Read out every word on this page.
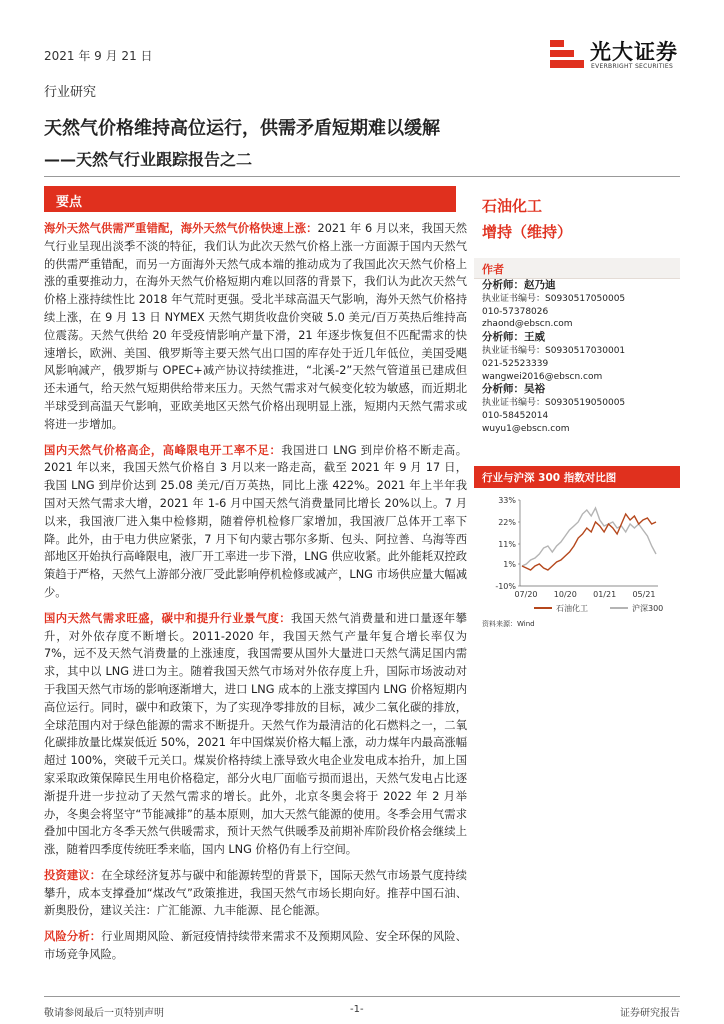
2021 年 9 月 21 日	光大证券
EVERBRIGHT SECURITIES
行业研究
天然气价格维持高位运行，供需矛盾短期难以缓解
——天然气行业跟踪报告之二
要点

海外天然气供需严重错配，海外天然气价格快速上涨：2021 年 6 月以来，我国天然气行业呈现出淡季不淡的特征，我们认为此次天然气价格上涨一方面源于国内天然气的供需严重错配，而另一方面海外天然气成本端的推动成为了我国此次天然气价格上涨的重要推动力，在海外天然气价格短期内难以回落的背景下，我们认为此次天然气价格上涨持续性比 2018 年气荒时更强。受北半球高温天气影响，海外天然气价格持续上涨，在 9 月 13 日 NYMEX 天然气期货收盘价突破 5.0 美元/百万英热后维持高位震荡。天然气供给 20 年受疫情影响产量下滑，21 年逐步恢复但不匹配需求的快速增长，欧洲、美国、俄罗斯等主要天然气出口国的库存处于近几年低位，美国受飓风影响减产，俄罗斯与 OPEC+减产协议持续推进，“北溪-2”天然气管道虽已建成但还未通气，给天然气短期供给带来压力。天然气需求对气候变化较为敏感，而近期北半球受到高温天气影响，亚欧美地区天然气价格出现明显上涨，短期内天然气需求或将进一步增加。

国内天然气价格高企，高峰限电开工率不足：我国进口 LNG 到岸价格不断走高。2021 年以来，我国天然气价格自 3 月以来一路走高，截至 2021 年 9 月 17 日，我国 LNG 到岸价达到 25.08 美元/百万英热，同比上涨 422%。2021 年上半年我国对天然气需求大增，2021 年 1-6 月中国天然气消费量同比增长 20%以上。7 月以来，我国液厂进入集中检修期，随着停机检修厂家增加，我国液厂总体开工率下降。此外，由于电力供应紧张，7 月下旬内蒙古鄂尔多斯、包头、阿拉善、乌海等西部地区开始执行高峰限电，液厂开工率进一步下滑，LNG 供应收紧。此外能耗双控政策趋于严格，天然气上游部分液厂受此影响停机检修或减产，LNG 市场供应量大幅减少。

国内天然气需求旺盛，碳中和提升行业景气度：我国天然气消费量和进口量逐年攀升，对外依存度不断增长。2011-2020 年，我国天然气产量年复合增长率仅为 7%，远不及天然气消费量的上涨速度，我国需要从国外大量进口天然气满足国内需求，其中以 LNG 进口为主。随着我国天然气市场对外依存度上升，国际市场波动对于我国天然气市场的影响逐渐增大，进口 LNG 成本的上涨支撑国内 LNG 价格短期内高位运行。同时，碳中和政策下，为了实现净零排放的目标，减少二氧化碳的排放，全球范围内对于绿色能源的需求不断提升。天然气作为最清洁的化石燃料之一，二氧化碳排放量比煤炭低近 50%，2021 年中国煤炭价格大幅上涨，动力煤年内最高涨幅超过 100%，突破千元关口。煤炭价格持续上涨导致火电企业发电成本抬升，加上国家采取政策保障民生用电价格稳定，部分火电厂面临亏损而退出，天然气发电占比逐渐提升进一步拉动了天然气需求的增长。此外，北京冬奥会将于 2022 年 2 月举办，冬奥会将坚守“节能减排”的基本原则，加大天然气能源的使用。冬季会用气需求叠加中国北方冬季天然气供暖需求，预计天然气供暖季及前期补库阶段价格会继续上涨，随着四季度传统旺季来临，国内 LNG 价格仍有上行空间。

投资建议：在全球经济复苏与碳中和能源转型的背景下，国际天然气市场景气度持续攀升，成本支撑叠加“煤改气”政策推进，我国天然气市场长期向好。推荐中国石油、新奥股份，建议关注：广汇能源、九丰能源、昆仑能源。

风险分析：行业周期风险、新冠疫情持续带来需求不及预期风险、安全环保的风险、市场竞争风险。

石油化工
增持（维持）
作者
分析师：赵乃迪
执业证书编号：S0930517050005
010-57378026
zhaond@ebscn.com
分析师：王威
执业证书编号：S0930517030001
021-52523339
wangwei2016@ebscn.com
分析师：吴裕
执业证书编号：S0930519050005
010-58452014
wuyu1@ebscn.com
行业与沪深 300 指数对比图
33%
22%
11%
1%
-10%
07/20 10/20 01/21 05/21
石油化工	沪深300
资料来源：Wind
敬请参阅最后一页特别声明	-1-	证券研究报告
